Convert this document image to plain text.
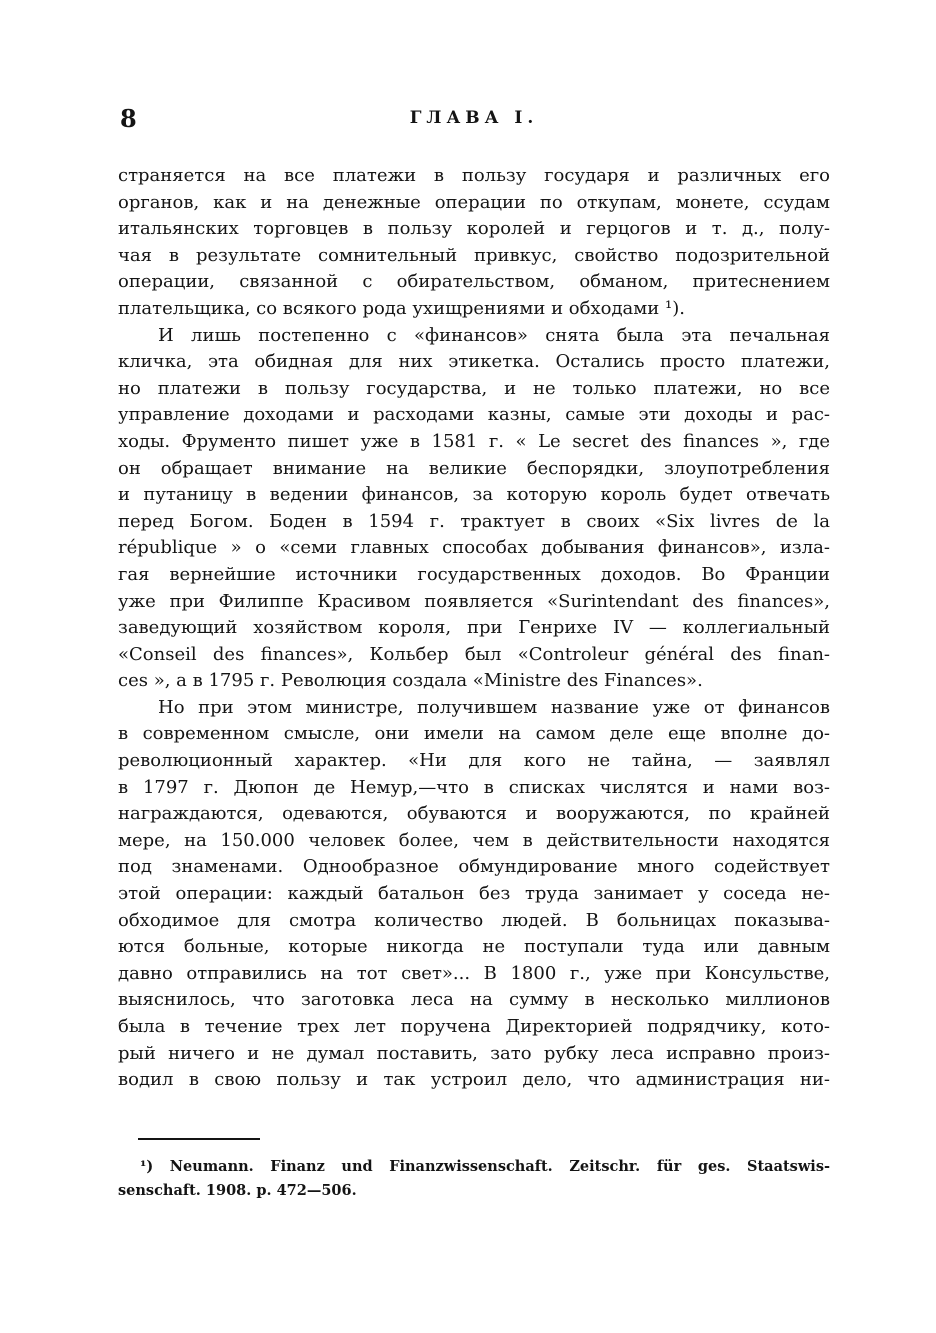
8	ГЛАВА I.
страняется на все платежи в пользу государя и различных его
органов, как и на денежные операции по откупам, монете, ссудам
итальянских торговцев в пользу королей и герцогов и т. д., полу-
чая в результате сомнительный привкус, свойство подозрительной
операции, связанной с обирательством, обманом, притеснением
плательщика, со всякого рода ухищрениями и обходами ¹).
И лишь постепенно с «финансов» снята была эта печальная
кличка, эта обидная для них этикетка. Остались просто платежи,
но платежи в пользу государства, и не только платежи, но все
управление доходами и расходами казны, самые эти доходы и рас-
ходы. Фрументо пишет уже в 1581 г. « Le secret des finances », где
он обращает внимание на великие беспорядки, злоупотребления
и путаницу в ведении финансов, за которую король будет отвечать
перед Богом. Боден в 1594 г. трактует в своих «Six livres de la
république » о «семи главных способах добывания финансов», изла-
гая вернейшие источники государственных доходов. Во Франции
уже при Филиппе Красивом появляется «Surintendant des finances»,
заведующий хозяйством короля, при Генрихе IV — коллегиальный
«Conseil des finances», Кольбер был «Controleur général des finan-
ces », а в 1795 г. Революция создала «Ministre des Finances».
Но при этом министре, получившем название уже от финансов
в современном смысле, они имели на самом деле еще вполне до-
революционный характер. «Ни для кого не тайна, — заявлял
в 1797 г. Дюпон де Немур,—что в списках числятся и нами воз-
награждаются, одеваются, обуваются и вооружаются, по крайней
мере, на 150.000 человек более, чем в действительности находятся
под знаменами. Однообразное обмундирование много содействует
этой операции: каждый батальон без труда занимает у соседа не-
обходимое для смотра количество людей. В больницах показыва-
ются больные, которые никогда не поступали туда или давным
давно отправились на тот свет»... В 1800 г., уже при Консульстве,
выяснилось, что заготовка леса на сумму в несколько миллионов
была в течение трех лет поручена Директорией подрядчику, кото-
рый ничего и не думал поставить, зато рубку леса исправно произ-
водил в свою пользу и так устроил дело, что администрация ни-
¹) Neumann. Finanz und Finanzwissenschaft. Zeitschr. für ges. Staatswis-
senschaft. 1908. p. 472—506.
